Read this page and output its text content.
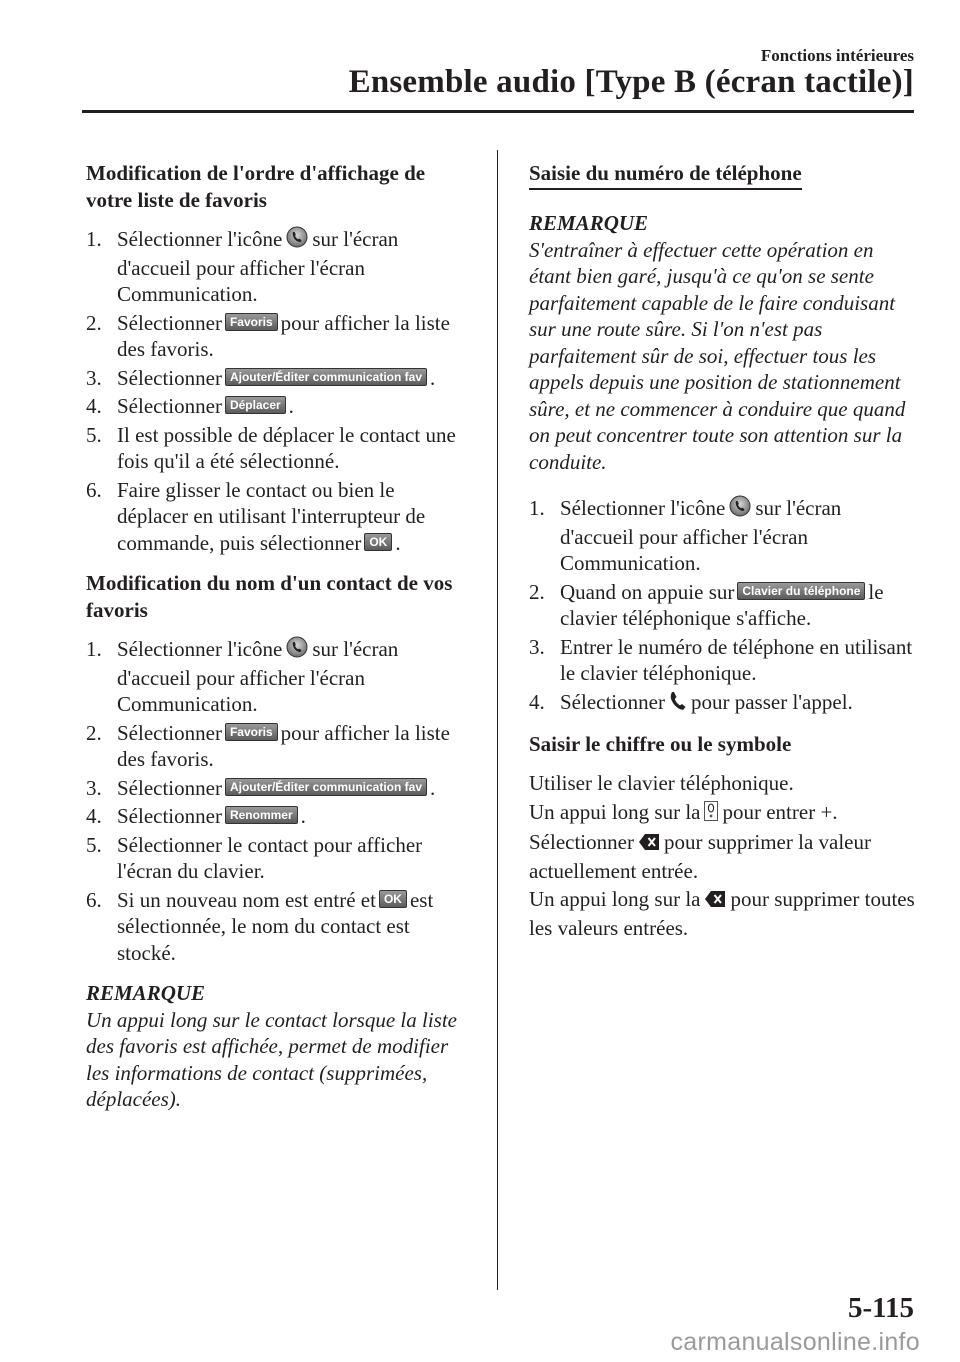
Fonctions intérieures
Ensemble audio [Type B (écran tactile)]
Modification de l'ordre d'affichage de votre liste de favoris
1. Sélectionner l'icône sur l'écran d'accueil pour afficher l'écran Communication.
2. Sélectionner Favoris pour afficher la liste des favoris.
3. Sélectionner Ajouter/Éditer communication fav .
4. Sélectionner Déplacer .
5. Il est possible de déplacer le contact une fois qu'il a été sélectionné.
6. Faire glisser le contact ou bien le déplacer en utilisant l'interrupteur de commande, puis sélectionner OK .
Modification du nom d'un contact de vos favoris
1. Sélectionner l'icône sur l'écran d'accueil pour afficher l'écran Communication.
2. Sélectionner Favoris pour afficher la liste des favoris.
3. Sélectionner Ajouter/Éditer communication fav .
4. Sélectionner Renommer .
5. Sélectionner le contact pour afficher l'écran du clavier.
6. Si un nouveau nom est entré et OK est sélectionnée, le nom du contact est stocké.
REMARQUE
Un appui long sur le contact lorsque la liste des favoris est affichée, permet de modifier les informations de contact (supprimées, déplacées).
Saisie du numéro de téléphone
REMARQUE
S'entraîner à effectuer cette opération en étant bien garé, jusqu'à ce qu'on se sente parfaitement capable de le faire conduisant sur une route sûre. Si l'on n'est pas parfaitement sûr de soi, effectuer tous les appels depuis une position de stationnement sûre, et ne commencer à conduire que quand on peut concentrer toute son attention sur la conduite.
1. Sélectionner l'icône sur l'écran d'accueil pour afficher l'écran Communication.
2. Quand on appuie sur Clavier du téléphone le clavier téléphonique s'affiche.
3. Entrer le numéro de téléphone en utilisant le clavier téléphonique.
4. Sélectionner pour passer l'appel.
Saisir le chiffre ou le symbole

Utiliser le clavier téléphonique.

Un appui long sur la pour entrer +.

Sélectionner pour supprimer la valeur actuellement entrée.

Un appui long sur la pour supprimer toutes les valeurs entrées.

5-115
carmanualsonline.info
